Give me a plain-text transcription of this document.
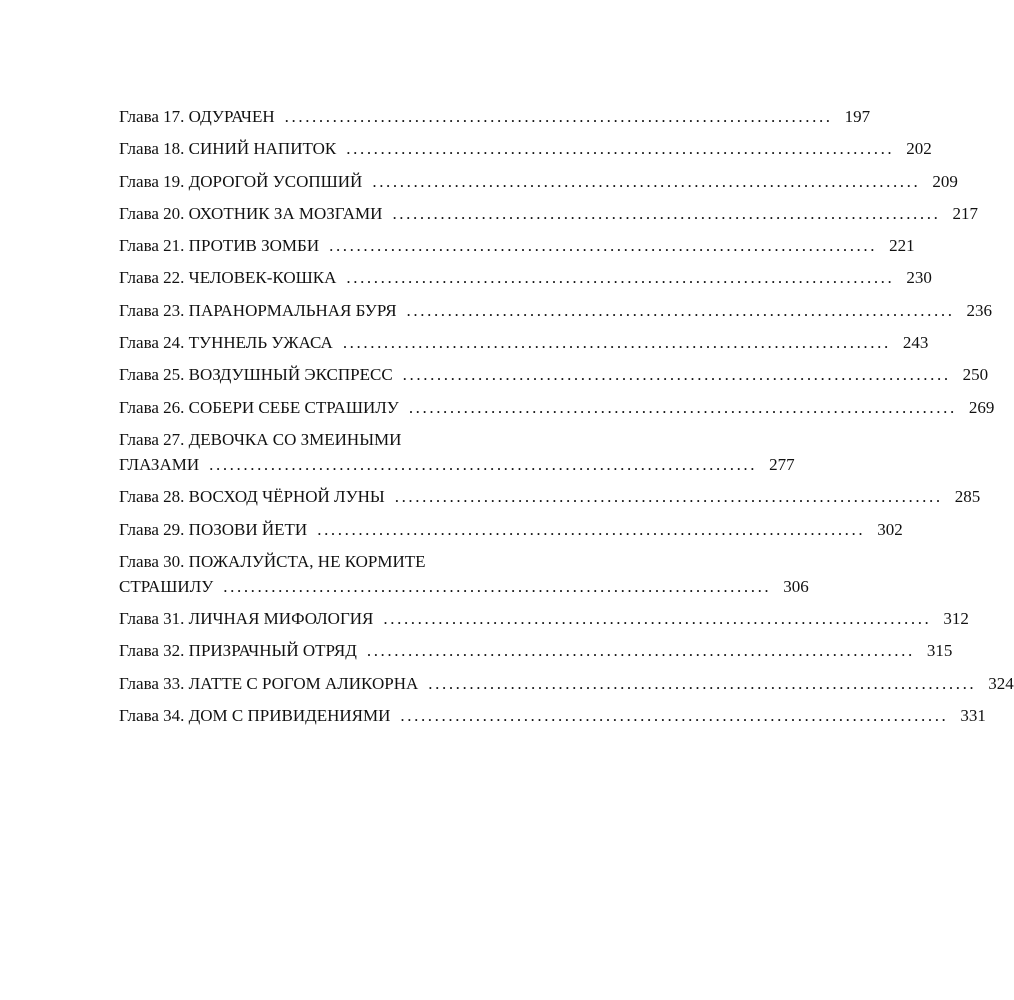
Глава 17. ОДУРАЧЕН ................................................................................ 197
Глава 18. СИНИЙ НАПИТОК ................................................................................ 202
Глава 19. ДОРОГОЙ УСОПШИЙ ................................................................................ 209
Глава 20. ОХОТНИК ЗА МОЗГАМИ ................................................................................ 217
Глава 21. ПРОТИВ ЗОМБИ ................................................................................ 221
Глава 22. ЧЕЛОВЕК-КОШКА ................................................................................ 230
Глава 23. ПАРАНОРМАЛЬНАЯ БУРЯ ................................................................................ 236
Глава 24. ТУННЕЛЬ УЖАСА ................................................................................ 243
Глава 25. ВОЗДУШНЫЙ ЭКСПРЕСС ................................................................................ 250
Глава 26. СОБЕРИ СЕБЕ СТРАШИЛУ ................................................................................ 269
Глава 27. ДЕВОЧКА СО ЗМЕИНЫМИ
ГЛАЗАМИ ................................................................................ 277
Глава 28. ВОСХОД ЧЁРНОЙ ЛУНЫ ................................................................................ 285
Глава 29. ПОЗОВИ ЙЕТИ ................................................................................ 302
Глава 30. ПОЖАЛУЙСТА, НЕ КОРМИТЕ
СТРАШИЛУ ................................................................................ 306
Глава 31. ЛИЧНАЯ МИФОЛОГИЯ ................................................................................ 312
Глава 32. ПРИЗРАЧНЫЙ ОТРЯД ................................................................................ 315
Глава 33. ЛАТТЕ С РОГОМ АЛИКОРНА ................................................................................ 324
Глава 34. ДОМ С ПРИВИДЕНИЯМИ ................................................................................ 331
